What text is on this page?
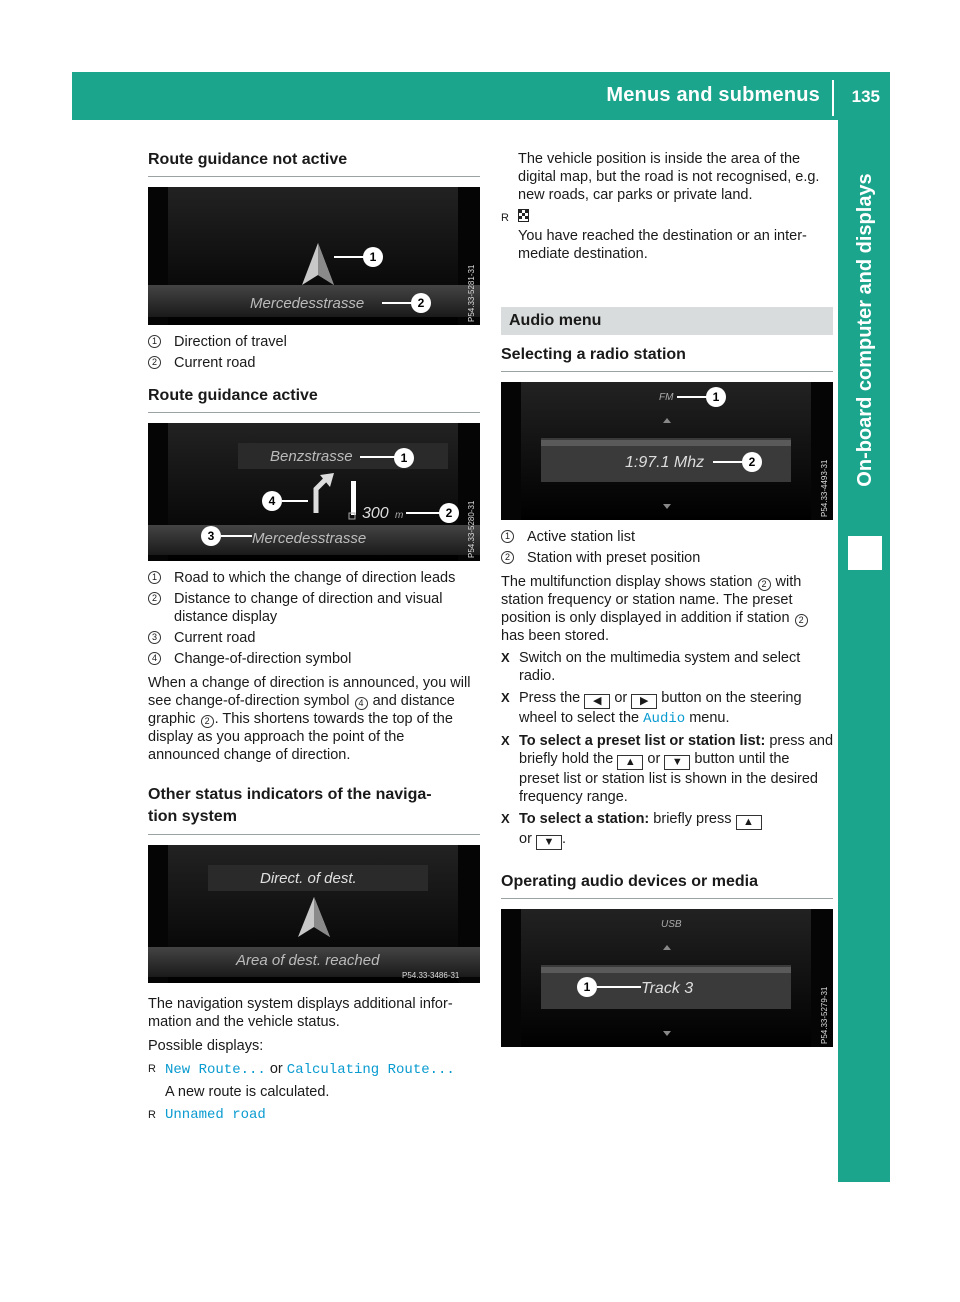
Menus and submenus 135
On-board computer and displays
Route guidance not active
1
Mercedesstrasse	2	P54.33-5281-31
1 Direction of travel
2 Current road
Route guidance active
Benzstrasse	1
4
300 m	2
3	Mercedesstrasse	P54.33-5280-31
1 Road to which the change of direction leads
2 Distance to change of direction and visual distance display
3 Current road
4 Change-of-direction symbol

When a change of direction is announced, you will see change-of-direction symbol 4 and distance graphic 2 . This shortens towards the top of the display as you approach the point of the announced change of direction.

Other status indicators of the naviga-
tion system
Direct. of dest.
Area of dest. reached
P54.33-3486-31

The navigation system displays additional information and the vehicle status.

Possible displays:

R New Route... or Calculating Route...
A new route is calculated.
R Unnamed road

The vehicle position is inside the area of the digital map, but the road is not recognised, e.g. new roads, car parks or private land.

R
You have reached the destination or an intermediate destination.
Audio menu
Selecting a radio station
FM	1
1:97.1 Mhz	2	P54.33-4493-31
1 Active station list
2 Station with preset position

The multifunction display shows station 2 with station frequency or station name. The preset position is only displayed in addition if station 2 has been stored.

X Switch on the multimedia system and select radio.
X Press the ◀ or ▶ button on the steering wheel to select the Audio menu.
X To select a preset list or station list: press and briefly hold the ▲ or ▼ button until the preset list or station list is shown in the desired frequency range.
X To select a station: briefly press ▲
or ▼ .
Operating audio devices or media
USB
1	Track 3	P54.33-5279-31
